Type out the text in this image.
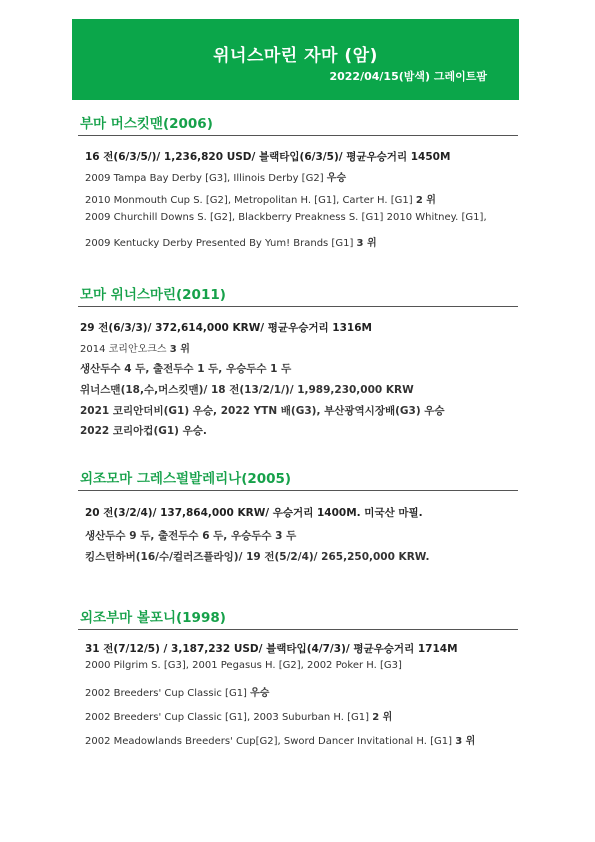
위너스마린 자마 (암)
2022/04/15(밤색) 그레이트팜
부마 머스킷맨(2006)
16 전(6/3/5/)/ 1,236,820 USD/ 블랙타입(6/3/5)/ 평균우승거리 1450M
2009 Tampa Bay Derby [G3], Illinois Derby [G2] 우승
2010 Monmouth Cup S. [G2], Metropolitan H. [G1], Carter H. [G1] 2 위
2009 Churchill Downs S. [G2], Blackberry Preakness S. [G1] 2010 Whitney. [G1],
2009 Kentucky Derby Presented By Yum! Brands [G1] 3 위
모마 위너스마린(2011)
29 전(6/3/3)/ 372,614,000 KRW/ 평균우승거리 1316M
2014 코리안오크스 3 위
생산두수 4 두, 출전두수 1 두, 우승두수 1 두
위너스맨(18,수,머스킷맨)/ 18 전(13/2/1/)/ 1,989,230,000 KRW
2021 코리안더비(G1) 우승, 2022 YTN 배(G3), 부산광역시장배(G3) 우승
2022 코리아컵(G1) 우승.
외조모마 그레스펄발레리나(2005)
20 전(3/2/4)/ 137,864,000 KRW/ 우승거리 1400M. 미국산 마필.
생산두수 9 두, 출전두수 6 두, 우승두수 3 두
킹스턴하버(16/수/컬러즈플라잉)/ 19 전(5/2/4)/ 265,250,000 KRW.
외조부마 볼포니(1998)
31 전(7/12/5) / 3,187,232 USD/ 블랙타입(4/7/3)/ 평균우승거리 1714M
2000 Pilgrim S. [G3], 2001 Pegasus H. [G2], 2002 Poker H. [G3]
2002 Breeders' Cup Classic [G1] 우승
2002 Breeders' Cup Classic [G1], 2003 Suburban H. [G1] 2 위
2002 Meadowlands Breeders' Cup[G2], Sword Dancer Invitational H. [G1] 3 위
